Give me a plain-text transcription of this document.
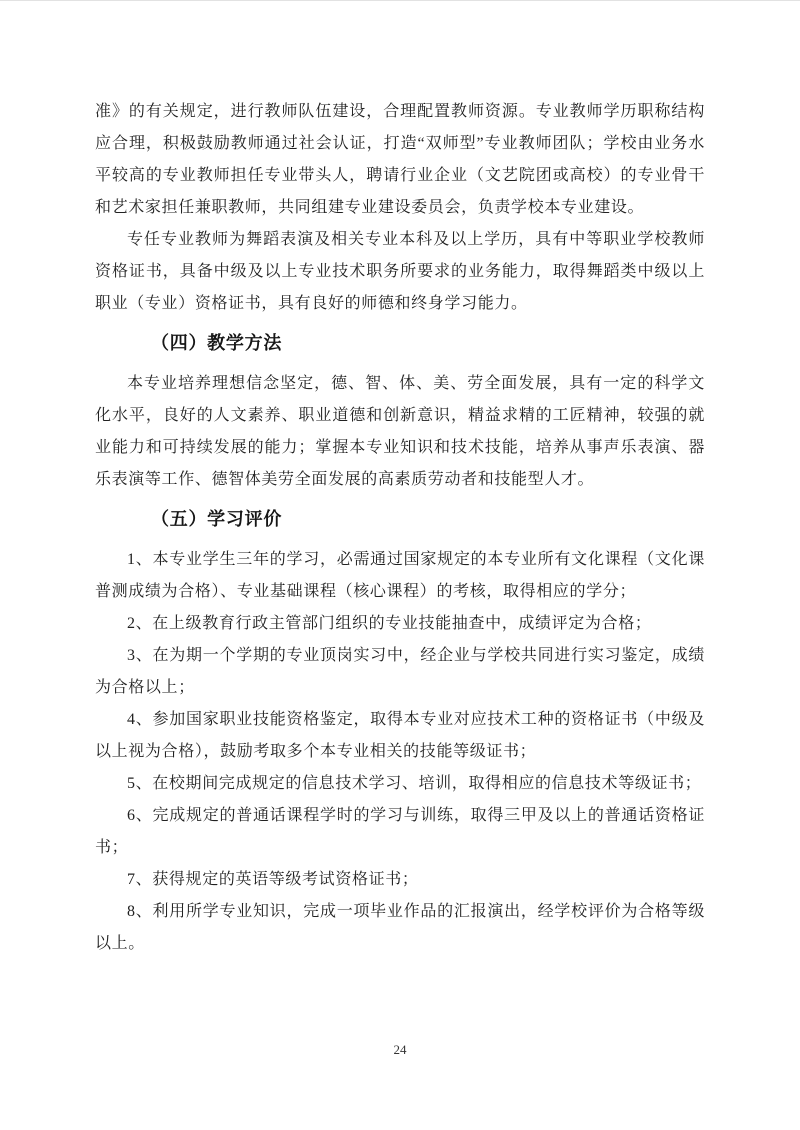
准》的有关规定，进行教师队伍建设，合理配置教师资源。专业教师学历职称结构应合理，积极鼓励教师通过社会认证，打造“双师型”专业教师团队；学校由业务水平较高的专业教师担任专业带头人，聘请行业企业（文艺院团或高校）的专业骨干和艺术家担任兼职教师，共同组建专业建设委员会，负责学校本专业建设。

专任专业教师为舞蹈表演及相关专业本科及以上学历，具有中等职业学校教师资格证书，具备中级及以上专业技术职务所要求的业务能力，取得舞蹈类中级以上职业（专业）资格证书，具有良好的师德和终身学习能力。

（四）教学方法

本专业培养理想信念坚定，德、智、体、美、劳全面发展，具有一定的科学文化水平，良好的人文素养、职业道德和创新意识，精益求精的工匠精神，较强的就业能力和可持续发展的能力；掌握本专业知识和技术技能，培养从事声乐表演、器乐表演等工作、德智体美劳全面发展的高素质劳动者和技能型人才。

（五）学习评价

1、本专业学生三年的学习，必需通过国家规定的本专业所有文化课程（文化课普测成绩为合格）、专业基础课程（核心课程）的考核，取得相应的学分；

2、在上级教育行政主管部门组织的专业技能抽查中，成绩评定为合格；

3、在为期一个学期的专业顶岗实习中，经企业与学校共同进行实习鉴定，成绩为合格以上；

4、参加国家职业技能资格鉴定，取得本专业对应技术工种的资格证书（中级及以上视为合格），鼓励考取多个本专业相关的技能等级证书；

5、在校期间完成规定的信息技术学习、培训，取得相应的信息技术等级证书；

6、完成规定的普通话课程学时的学习与训练，取得三甲及以上的普通话资格证书；

7、获得规定的英语等级考试资格证书；

8、利用所学专业知识，完成一项毕业作品的汇报演出，经学校评价为合格等级以上。

24
